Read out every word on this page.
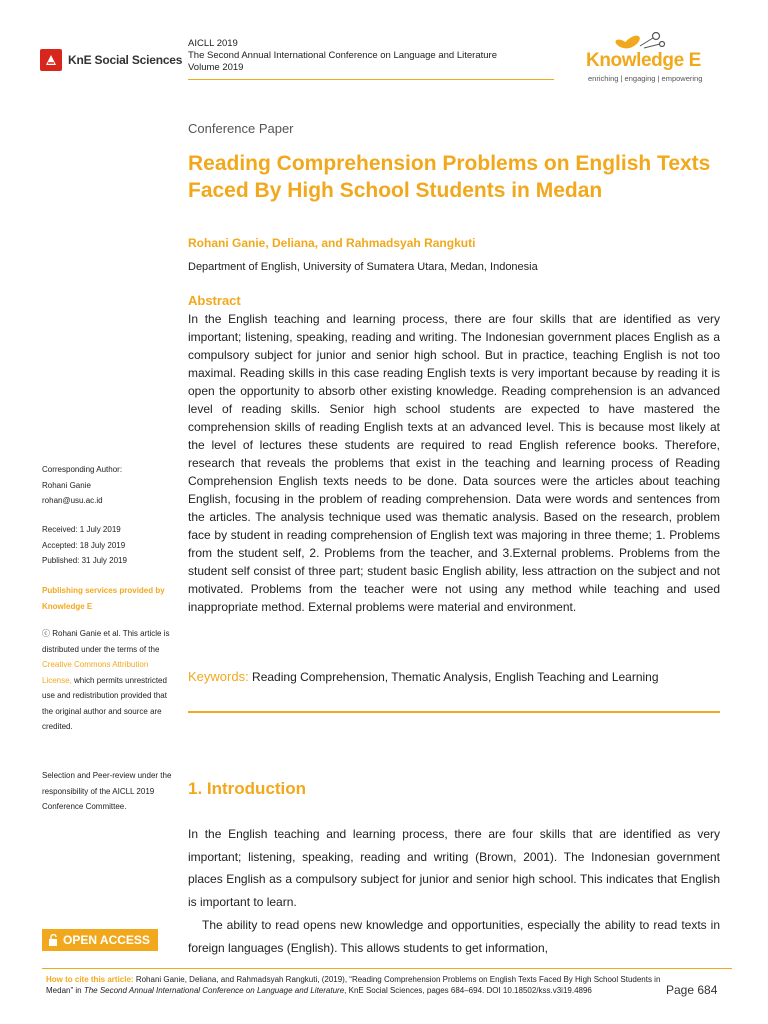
KnE Social Sciences
AICLL 2019
The Second Annual International Conference on Language and Literature
Volume 2019	Knowledge E
enriching | engaging | empowering
Conference Paper
Reading Comprehension Problems on English Texts Faced By High School Students in Medan
Rohani Ganie, Deliana, and Rahmadsyah Rangkuti
Department of English, University of Sumatera Utara, Medan, Indonesia
Abstract
In the English teaching and learning process, there are four skills that are identified as very important; listening, speaking, reading and writing. The Indonesian government places English as a compulsory subject for junior and senior high school. But in practice, teaching English is not too maximal. Reading skills in this case reading English texts is very important because by reading it is open the opportunity to absorb other existing knowledge. Reading comprehension is an advanced level of reading skills. Senior high school students are expected to have mastered the comprehension skills of reading English texts at an advanced level. This is because most likely at the level of lectures these students are required to read English reference books. Therefore, research that reveals the problems that exist in the teaching and learning process of Reading Comprehension English texts needs to be done. Data sources were the articles about teaching English, focusing in the problem of reading comprehension. Data were words and sentences from the articles. The analysis technique used was thematic analysis. Based on the research, problem face by student in reading comprehension of English text was majoring in three theme; 1. Problems from the student self, 2. Problems from the teacher, and 3.External problems. Problems from the student self consist of three part; student basic English ability, less attraction on the subject and not motivated. Problems from the teacher were not using any method while teaching and used inappropriate method. External problems were material and environment.
Keywords: Reading Comprehension, Thematic Analysis, English Teaching and Learning
1. Introduction
In the English teaching and learning process, there are four skills that are identified as very important; listening, speaking, reading and writing (Brown, 2001). The Indonesian government places English as a compulsory subject for junior and senior high school. This indicates that English is important to learn.
The ability to read opens new knowledge and opportunities, especially the ability to read texts in foreign languages (English). This allows students to get information,
Corresponding Author:
Rohani Ganie
rohan@usu.ac.id
Received: 1 July 2019
Accepted: 18 July 2019
Published: 31 July 2019
Publishing services provided by Knowledge E
ⓒ Rohani Ganie et al. This article is distributed under the terms of the Creative Commons Attribution License, which permits unrestricted use and redistribution provided that the original author and source are credited.
Selection and Peer-review under the responsibility of the AICLL 2019 Conference Committee.
OPEN ACCESS
How to cite this article: Rohani Ganie, Deliana, and Rahmadsyah Rangkuti, (2019), “Reading Comprehension Problems on English Texts Faced By High School Students in Medan” in The Second Annual International Conference on Language and Literature, KnE Social Sciences, pages 684–694. DOI 10.18502/kss.v3i19.4896	Page 684
